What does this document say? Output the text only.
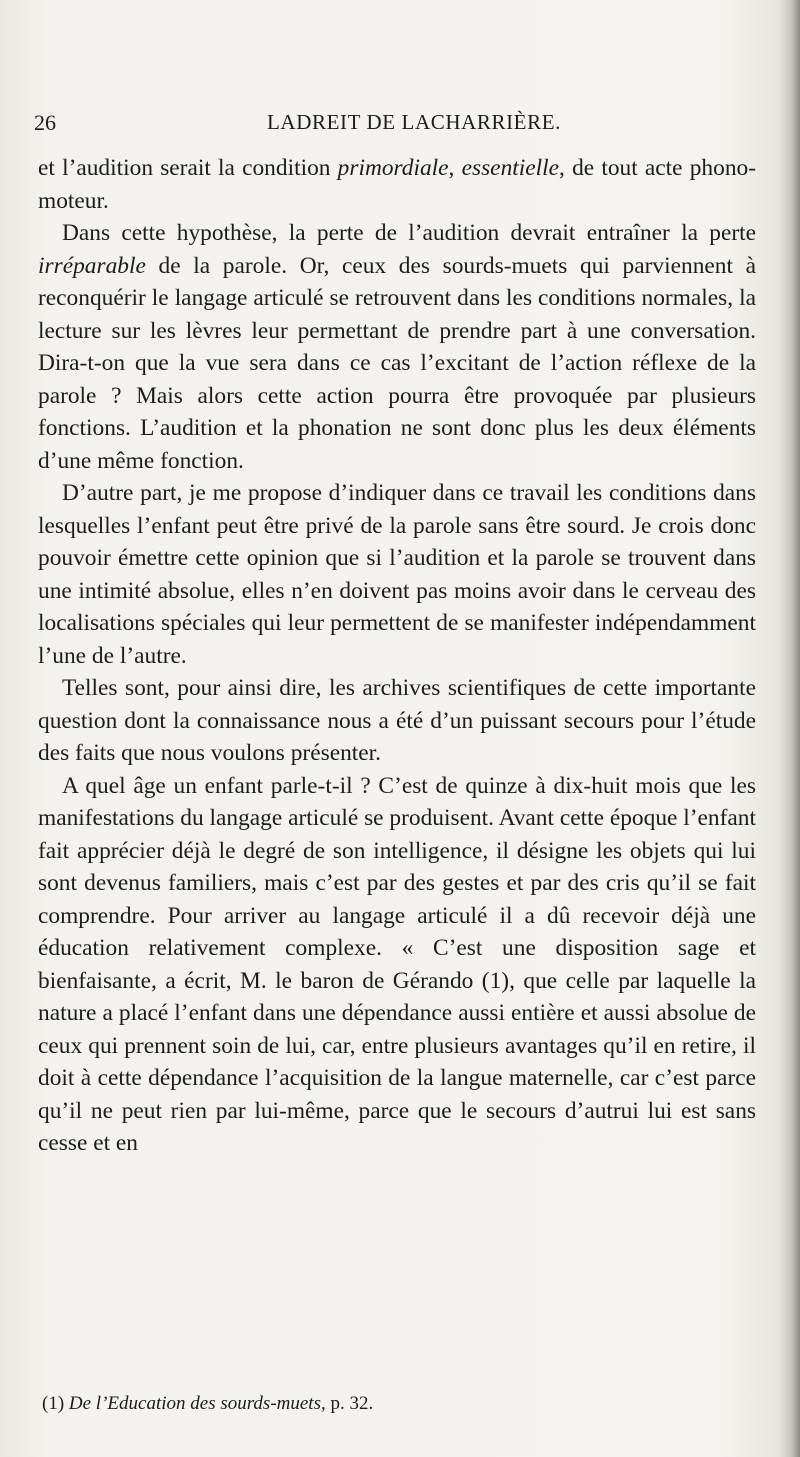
26	LADREIT DE LACHARRIÈRE.

et l’audition serait la condition primordiale, essentielle, de tout acte phono-moteur.

Dans cette hypothèse, la perte de l’audition devrait entraîner la perte irréparable de la parole. Or, ceux des sourds-muets qui parviennent à reconquérir le langage articulé se retrouvent dans les conditions normales, la lecture sur les lèvres leur permettant de prendre part à une conversation. Dira-t-on que la vue sera dans ce cas l’excitant de l’action réflexe de la parole ? Mais alors cette action pourra être provoquée par plusieurs fonctions. L’audition et la phonation ne sont donc plus les deux éléments d’une même fonction.

D’autre part, je me propose d’indiquer dans ce travail les conditions dans lesquelles l’enfant peut être privé de la parole sans être sourd. Je crois donc pouvoir émettre cette opinion que si l’audition et la parole se trouvent dans une intimité absolue, elles n’en doivent pas moins avoir dans le cerveau des localisations spéciales qui leur permettent de se manifester indépendamment l’une de l’autre.

Telles sont, pour ainsi dire, les archives scientifiques de cette importante question dont la connaissance nous a été d’un puissant secours pour l’étude des faits que nous voulons présenter.

A quel âge un enfant parle-t-il ? C’est de quinze à dix-huit mois que les manifestations du langage articulé se produisent. Avant cette époque l’enfant fait apprécier déjà le degré de son intelligence, il désigne les objets qui lui sont devenus familiers, mais c’est par des gestes et par des cris qu’il se fait comprendre. Pour arriver au langage articulé il a dû recevoir déjà une éducation relativement complexe. « C’est une disposition sage et bienfaisante, a écrit, M. le baron de Gérando (1), que celle par laquelle la nature a placé l’enfant dans une dépendance aussi entière et aussi absolue de ceux qui prennent soin de lui, car, entre plusieurs avantages qu’il en retire, il doit à cette dépendance l’acquisition de la langue maternelle, car c’est parce qu’il ne peut rien par lui-même, parce que le secours d’autrui lui est sans cesse et en

(1) De l’Education des sourds-muets, p. 32.
